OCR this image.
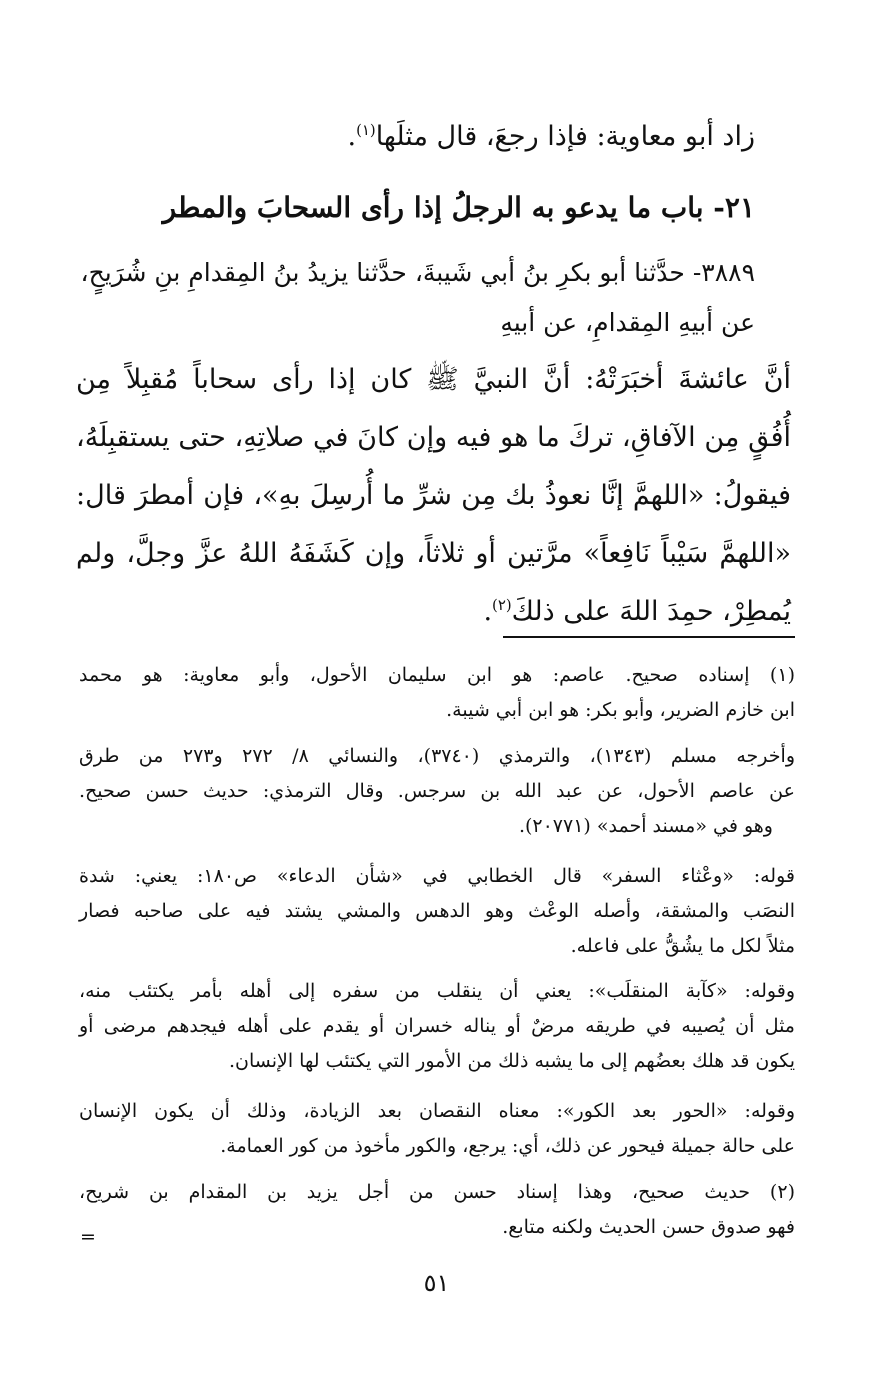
زاد أبو معاوية: فإذا رجعَ، قال مثلَها$^{(١)}$.

٢١- باب ما يدعو به الرجلُ إذا رأى السحابَ والمطر
٣٨٨٩- حدَّثنا أبو بكرِ بنُ أبي شَيبةَ، حدَّثنا يزيدُ بنُ المِقدامِ بنِ شُرَيحٍ،
عن أبيهِ المِقدامِ، عن أبيهِ
أنَّ عائشةَ أخبَرَتْهُ: أنَّ النبيَّ ﷺ كان إذا رأى سحاباً مُقبِلاً مِن
أُفُقٍ مِن الآفاقِ، تركَ ما هو فيه وإن كانَ في صلاتِهِ، حتى يستقبِلَهُ،
فيقولُ: «اللهمَّ إنَّا نعوذُ بك مِن شرِّ ما أُرسِلَ بهِ»، فإن أمطرَ قال:
«اللهمَّ سَيْباً نَافِعاً» مرَّتين أو ثلاثاً، وإن كَشَفَهُ اللهُ عزَّ وجلَّ، ولم
يُمطِرْ، حمِدَ اللهَ على ذلكَ$^{(٢)}$.
(١) إسناده صحيح. عاصم: هو ابن سليمان الأحول، وأبو معاوية: هو محمد
ابن خازم الضرير، وأبو بكر: هو ابن أبي شيبة.
وأخرجه مسلم (١٣٤٣)، والترمذي (٣٧٤٠)، والنسائي ٨/ ٢٧٢ و٢٧٣ من طرق
عن عاصم الأحول، عن عبد الله بن سرجس. وقال الترمذي: حديث حسن صحيح.
وهو في «مسند أحمد» (٢٠٧٧١).
قوله: «وعْثاء السفر» قال الخطابي في «شأن الدعاء» ص١٨٠: يعني: شدة
النصَب والمشقة، وأصله الوعْث وهو الدهس والمشي يشتد فيه على صاحبه فصار
مثلاً لكل ما يشُقُّ على فاعله.
وقوله: «كآبة المنقلَب»: يعني أن ينقلب من سفره إلى أهله بأمر يكتئب منه،
مثل أن يُصيبه في طريقه مرضٌ أو يناله خسران أو يقدم على أهله فيجدهم مرضى أو
يكون قد هلك بعضُهم إلى ما يشبه ذلك من الأمور التي يكتئب لها الإنسان.
وقوله: «الحور بعد الكور»: معناه النقصان بعد الزيادة، وذلك أن يكون الإنسان
على حالة جميلة فيحور عن ذلك، أي: يرجع، والكور مأخوذ من كور العمامة.
(٢) حديث صحيح، وهذا إسناد حسن من أجل يزيد بن المقدام بن شريح،
فهو صدوق حسن الحديث ولكنه متابع.
=
٥١
